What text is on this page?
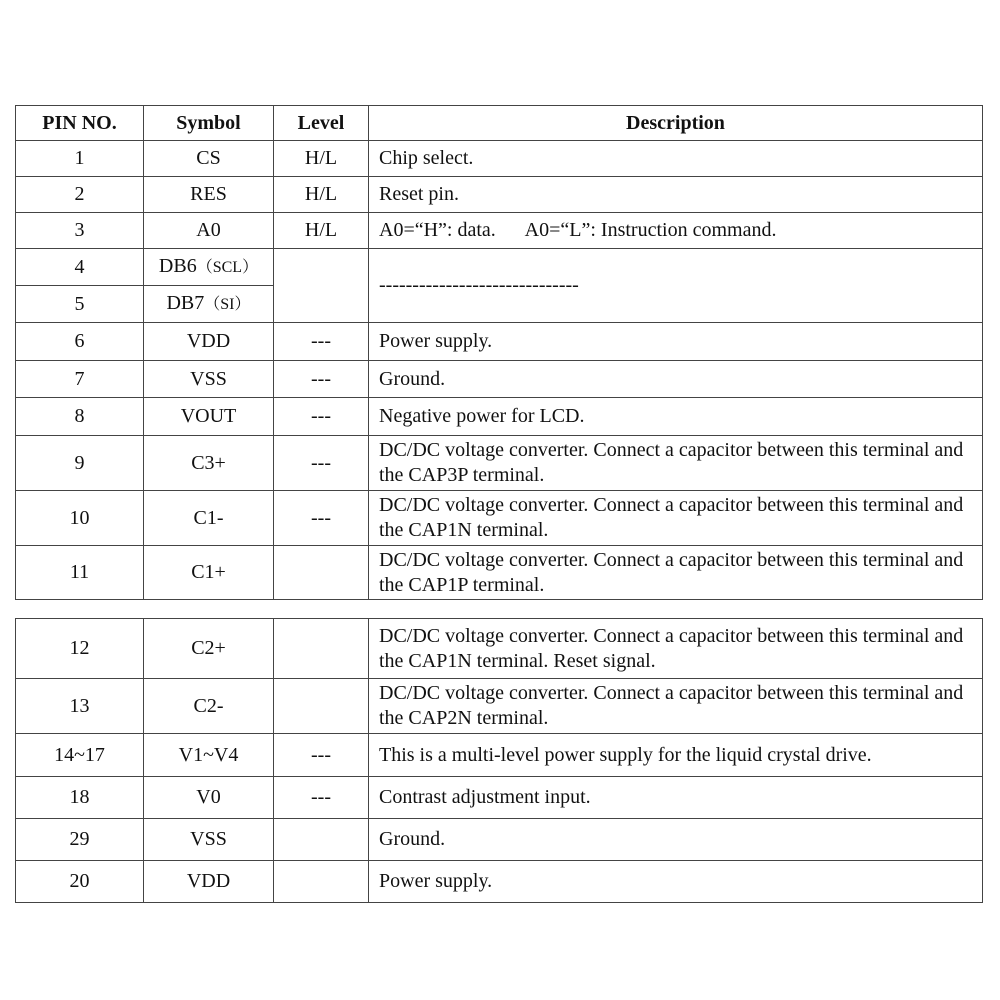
PIN NO.	Symbol	Level	Description
1	CS	H/L	Chip select.
2	RES	H/L	Reset pin.
3	A0	H/L	A0=“H”: data.      A0=“L”: Instruction command.
4	DB6（SCL）		------------------------------
5	DB7（SI）		
6	VDD	---	Power supply.
7	VSS	---	Ground.
8	VOUT	---	Negative power for LCD.
9	C3+	---	DC/DC voltage converter. Connect a capacitor between this terminal and the CAP3P terminal.
10	C1-	---	DC/DC voltage converter. Connect a capacitor between this terminal and the CAP1N terminal.
11	C1+		DC/DC voltage converter. Connect a capacitor between this terminal and the CAP1P terminal.
12	C2+		DC/DC voltage converter. Connect a capacitor between this terminal and the CAP1N terminal. Reset signal.
13	C2-		DC/DC voltage converter. Connect a capacitor between this terminal and the CAP2N terminal.
14~17	V1~V4	---	This is a multi-level power supply for the liquid crystal drive.
18	V0	---	Contrast adjustment input.
29	VSS		Ground.
20	VDD		Power supply.
